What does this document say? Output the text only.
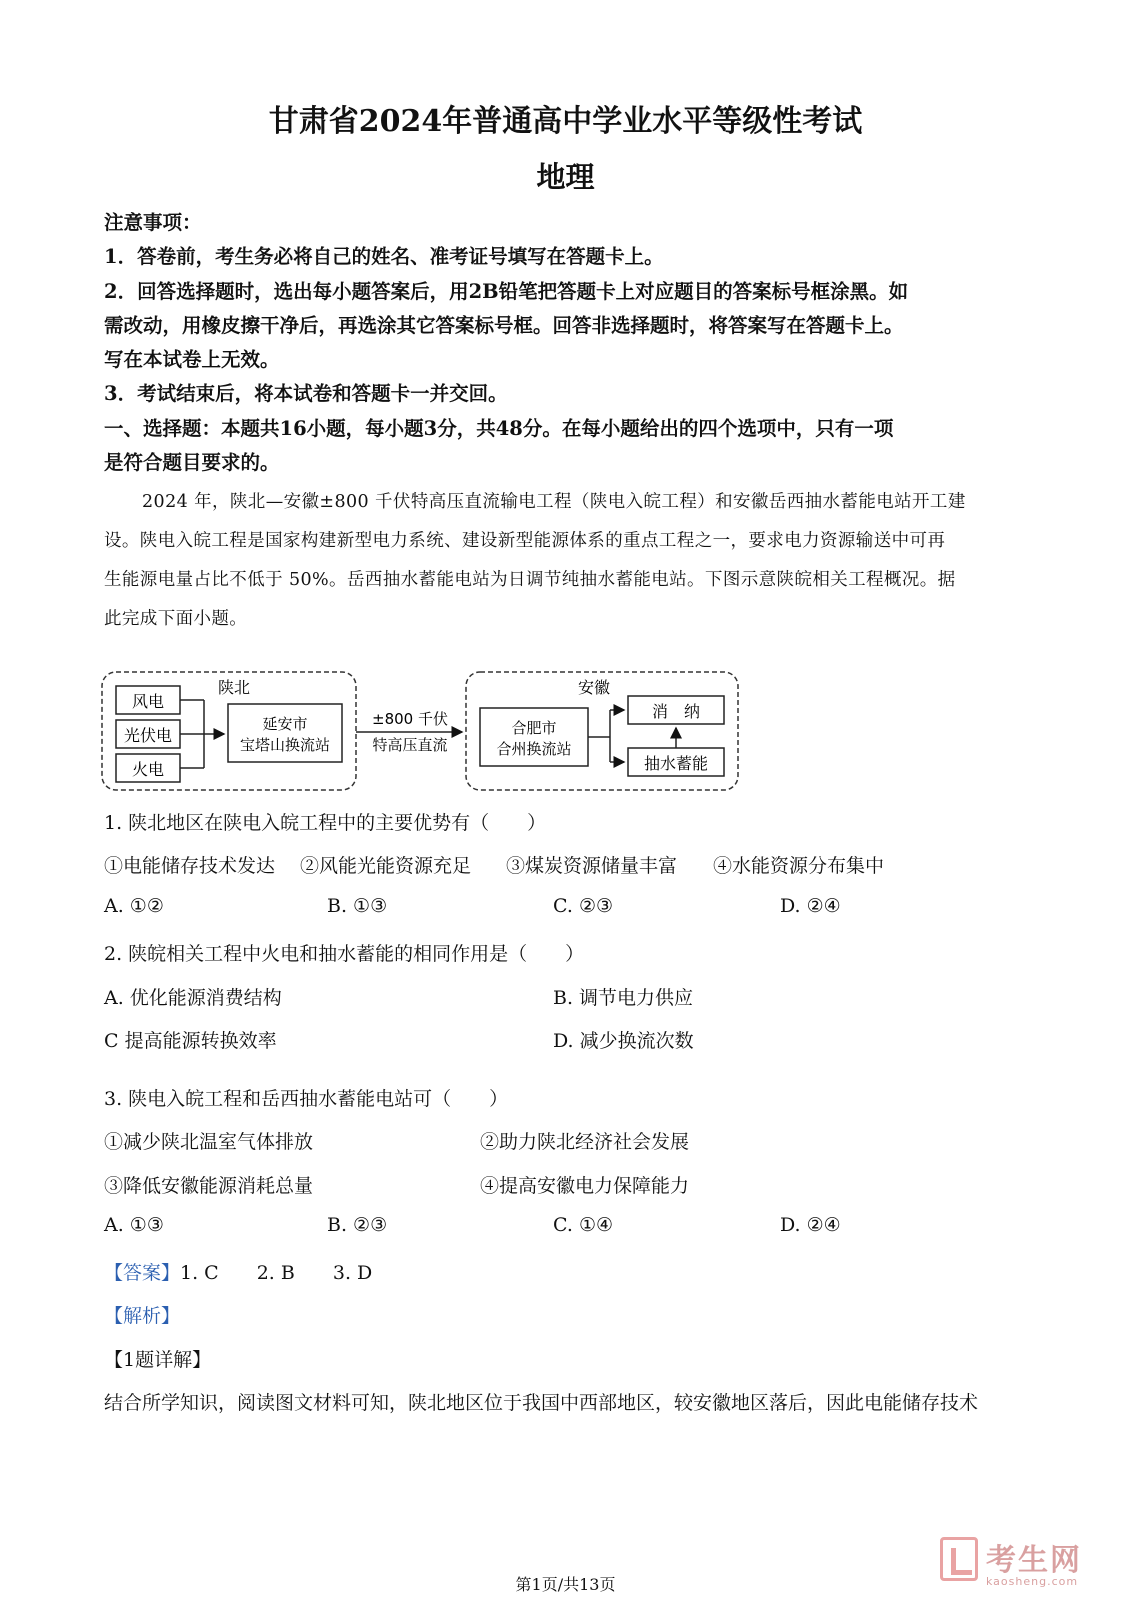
甘肃省2024年普通高中学业水平等级性考试
地理
注意事项：
1．答卷前，考生务必将自己的姓名、准考证号填写在答题卡上。
2．回答选择题时，选出每小题答案后，用2B铅笔把答题卡上对应题目的答案标号框涂黑。如
需改动，用橡皮擦干净后，再选涂其它答案标号框。回答非选择题时，将答案写在答题卡上。
写在本试卷上无效。
3．考试结束后，将本试卷和答题卡一并交回。
一、选择题：本题共16小题，每小题3分，共48分。在每小题给出的四个选项中，只有一项
是符合题目要求的。
2024 年，陕北—安徽±800 千伏特高压直流输电工程（陕电入皖工程）和安徽岳西抽水蓄能电站开工建
设。陕电入皖工程是国家构建新型电力系统、建设新型能源体系的重点工程之一，要求电力资源输送中可再
生能源电量占比不低于 50%。岳西抽水蓄能电站为日调节纯抽水蓄能电站。下图示意陕皖相关工程概况。据
此完成下面小题。
陕北
风电
光伏电
火电
延安市
宝塔山换流站
±800 千伏
特高压直流
安徽
合肥市
合州换流站
消　纳
抽水蓄能
1. 陕北地区在陕电入皖工程中的主要优势有（　　）
①电能储存技术发达 ②风能光能资源充足 ③煤炭资源储量丰富 ④水能资源分布集中
A. ①②	B. ①③	C. ②③	D. ②④
2. 陕皖相关工程中火电和抽水蓄能的相同作用是（　　）
A. 优化能源消费结构	B. 调节电力供应
C 提高能源转换效率	D. 减少换流次数
3. 陕电入皖工程和岳西抽水蓄能电站可（　　）
①减少陕北温室气体排放	②助力陕北经济社会发展
③降低安徽能源消耗总量	④提高安徽电力保障能力
A. ①③	B. ②③	C. ①④	D. ②④
【答案】1. C　　2. B　　3. D
【解析】
【1题详解】
结合所学知识，阅读图文材料可知，陕北地区位于我国中西部地区，较安徽地区落后，因此电能储存技术
第1页/共13页
考生网
kaosheng.com
